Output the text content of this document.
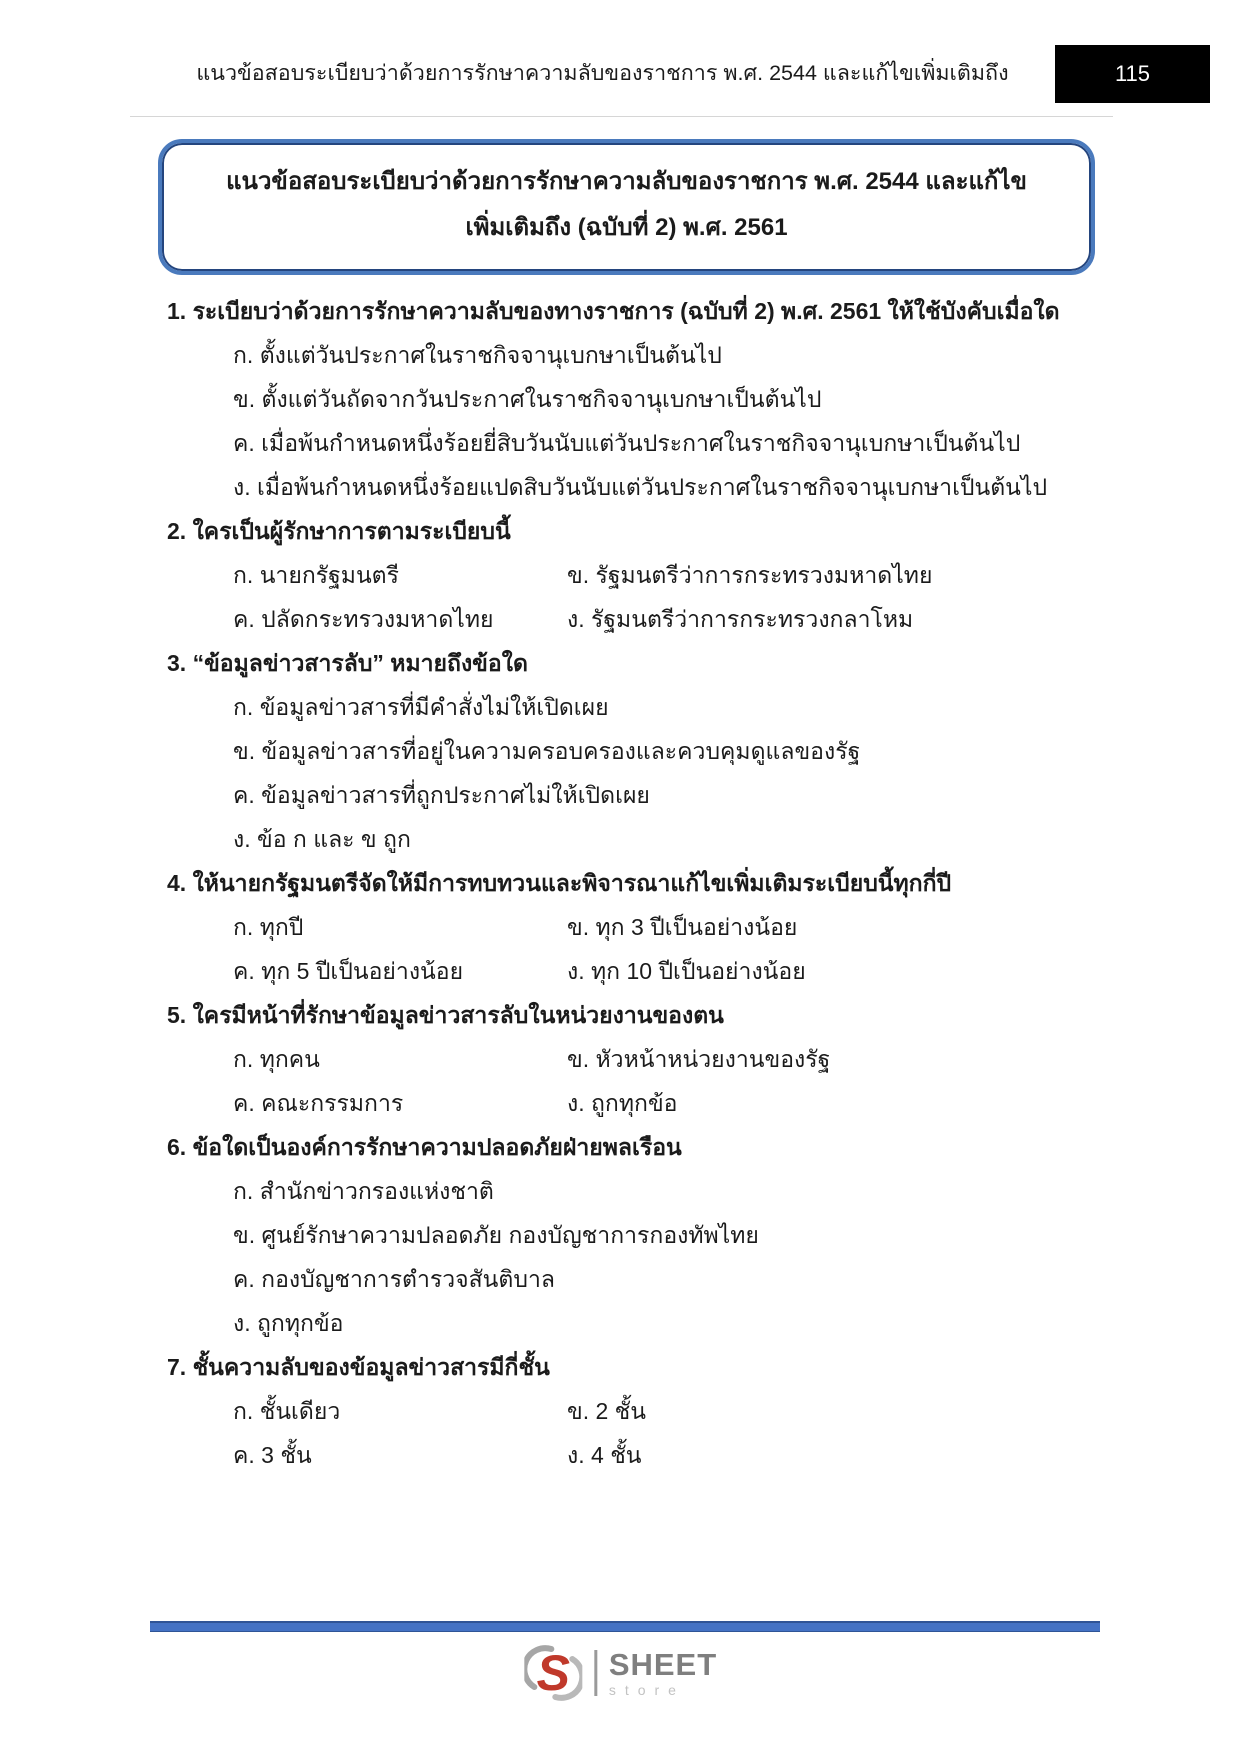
แนวข้อสอบระเบียบว่าด้วยการรักษาความลับของราชการ พ.ศ. 2544 และแก้ไขเพิ่มเติมถึง	115
แนวข้อสอบระเบียบว่าด้วยการรักษาความลับของราชการ พ.ศ. 2544 และแก้ไขเพิ่มเติมถึง (ฉบับที่ 2) พ.ศ. 2561
1. ระเบียบว่าด้วยการรักษาความลับของทางราชการ (ฉบับที่ 2) พ.ศ. 2561 ให้ใช้บังคับเมื่อใด
ก. ตั้งแต่วันประกาศในราชกิจจานุเบกษาเป็นต้นไป
ข. ตั้งแต่วันถัดจากวันประกาศในราชกิจจานุเบกษาเป็นต้นไป
ค. เมื่อพ้นกำหนดหนึ่งร้อยยี่สิบวันนับแต่วันประกาศในราชกิจจานุเบกษาเป็นต้นไป
ง. เมื่อพ้นกำหนดหนึ่งร้อยแปดสิบวันนับแต่วันประกาศในราชกิจจานุเบกษาเป็นต้นไป
2. ใครเป็นผู้รักษาการตามระเบียบนี้
ก. นายกรัฐมนตรี	ข. รัฐมนตรีว่าการกระทรวงมหาดไทย
ค. ปลัดกระทรวงมหาดไทย	ง. รัฐมนตรีว่าการกระทรวงกลาโหม
3. “ข้อมูลข่าวสารลับ” หมายถึงข้อใด
ก. ข้อมูลข่าวสารที่มีคำสั่งไม่ให้เปิดเผย
ข. ข้อมูลข่าวสารที่อยู่ในความครอบครองและควบคุมดูแลของรัฐ
ค. ข้อมูลข่าวสารที่ถูกประกาศไม่ให้เปิดเผย
ง. ข้อ ก และ ข ถูก
4. ให้นายกรัฐมนตรีจัดให้มีการทบทวนและพิจารณาแก้ไขเพิ่มเติมระเบียบนี้ทุกกี่ปี
ก. ทุกปี	ข. ทุก 3 ปีเป็นอย่างน้อย
ค. ทุก 5 ปีเป็นอย่างน้อย	ง. ทุก 10 ปีเป็นอย่างน้อย
5. ใครมีหน้าที่รักษาข้อมูลข่าวสารลับในหน่วยงานของตน
ก. ทุกคน	ข. หัวหน้าหน่วยงานของรัฐ
ค. คณะกรรมการ	ง. ถูกทุกข้อ
6. ข้อใดเป็นองค์การรักษาความปลอดภัยฝ่ายพลเรือน
ก. สำนักข่าวกรองแห่งชาติ
ข. ศูนย์รักษาความปลอดภัย กองบัญชาการกองทัพไทย
ค. กองบัญชาการตำรวจสันติบาล
ง. ถูกทุกข้อ
7. ชั้นความลับของข้อมูลข่าวสารมีกี่ชั้น
ก. ชั้นเดียว	ข. 2 ชั้น
ค. 3 ชั้น	ง. 4 ชั้น
S SHEET
store
